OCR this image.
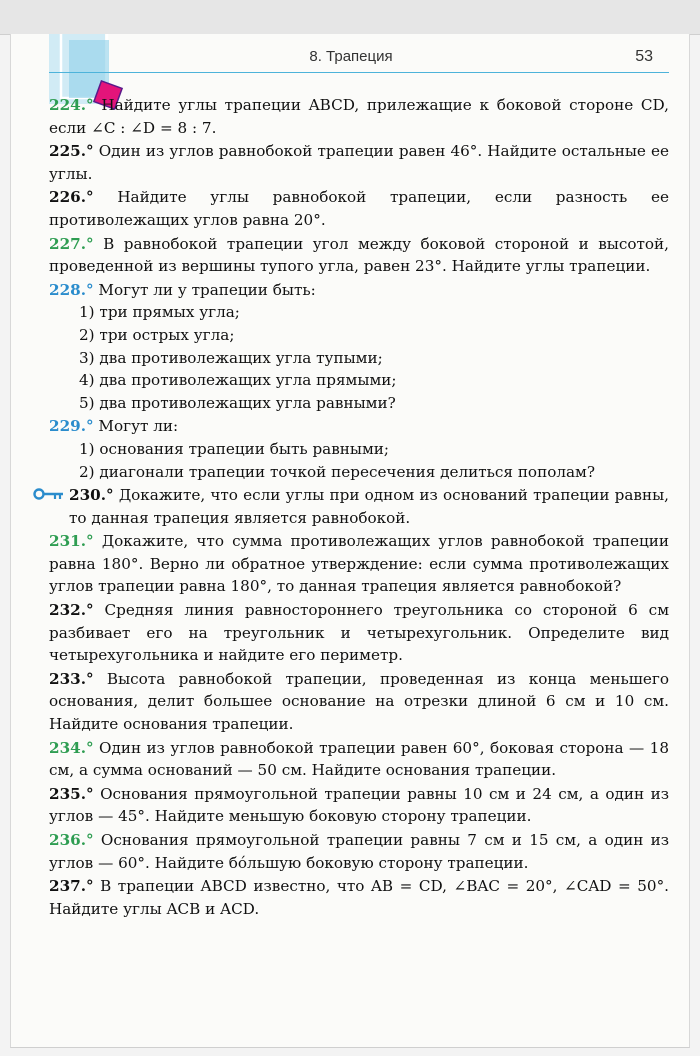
8. Трапеция	53
224.° Найдите углы трапеции ABCD, прилежащие к боковой стороне CD, если ∠C : ∠D = 8 : 7.
225.° Один из углов равнобокой трапеции равен 46°. Найдите остальные ее углы.
226.° Найдите углы равнобокой трапеции, если разность ее противолежащих углов равна 20°.
227.° В равнобокой трапеции угол между боковой стороной и высотой, проведенной из вершины тупого угла, равен 23°. Найдите углы трапеции.
228.° Могут ли у трапеции быть:
1) три прямых угла;
2) три острых угла;
3) два противолежащих угла тупыми;
4) два противолежащих угла прямыми;
5) два противолежащих угла равными?
229.° Могут ли:
1) основания трапеции быть равными;
2) диагонали трапеции точкой пересечения делиться пополам?
230.° Докажите, что если углы при одном из оснований трапеции равны, то данная трапеция является равнобокой.
231.° Докажите, что сумма противолежащих углов равнобокой трапеции равна 180°. Верно ли обратное утверждение: если сумма противолежащих углов трапеции равна 180°, то данная трапеция является равнобокой?
232.° Средняя линия равностороннего треугольника со стороной 6 см разбивает его на треугольник и четырехугольник. Определите вид четырехугольника и найдите его периметр.
233.° Высота равнобокой трапеции, проведенная из конца меньшего основания, делит большее основание на отрезки длиной 6 см и 10 см. Найдите основания трапеции.
234.° Один из углов равнобокой трапеции равен 60°, боковая сторона — 18 см, а сумма оснований — 50 см. Найдите основания трапеции.
235.° Основания прямоугольной трапеции равны 10 см и 24 см, а один из углов — 45°. Найдите меньшую боковую сторону трапеции.
236.° Основания прямоугольной трапеции равны 7 см и 15 см, а один из углов — 60°. Найдите бóльшую боковую сторону трапеции.
237.° В трапеции ABCD известно, что AB = CD, ∠BAC = 20°, ∠CAD = 50°. Найдите углы ACB и ACD.
